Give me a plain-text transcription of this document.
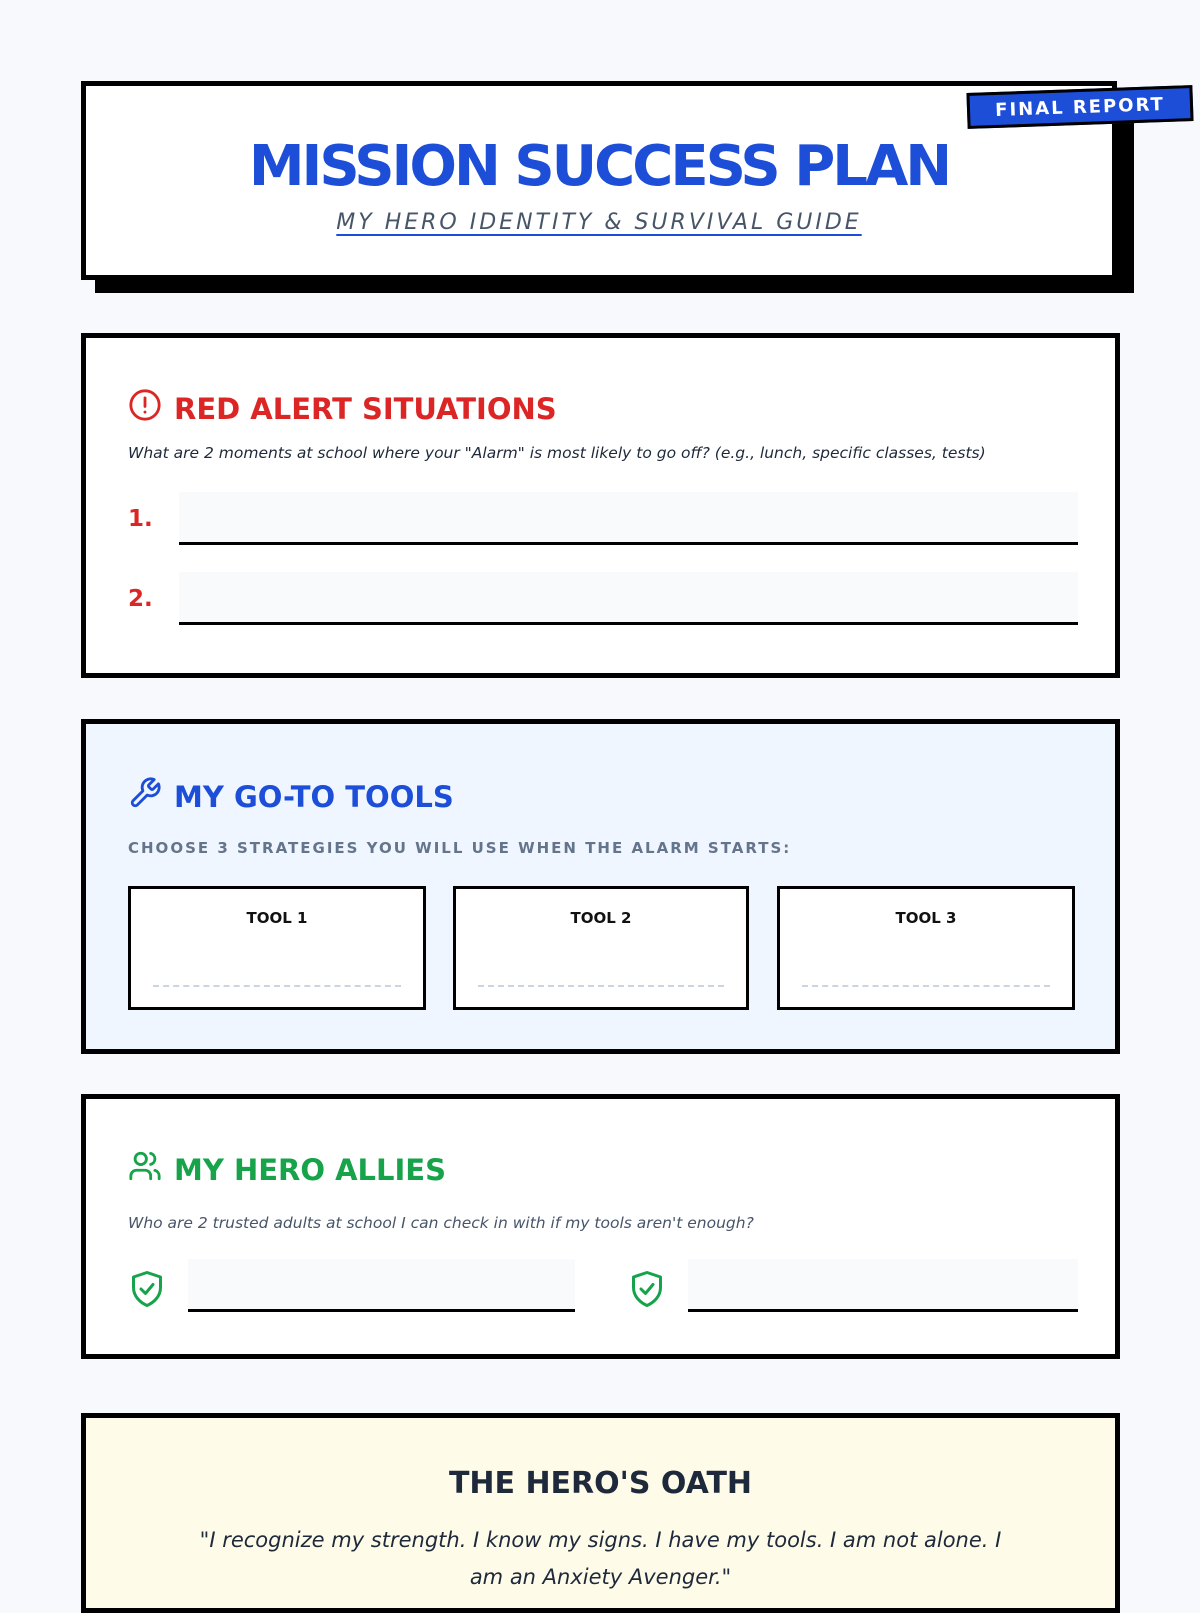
MISSION SUCCESS PLAN
MY HERO IDENTITY & SURVIVAL GUIDE
FINAL REPORT
RED ALERT SITUATIONS
What are 2 moments at school where your "Alarm" is most likely to go off? (e.g., lunch, specific classes, tests)
1.
2.
MY GO-TO TOOLS
CHOOSE 3 STRATEGIES YOU WILL USE WHEN THE ALARM STARTS:
TOOL 1	TOOL 2	TOOL 3
MY HERO ALLIES
Who are 2 trusted adults at school I can check in with if my tools aren't enough?
THE HERO'S OATH
"I recognize my strength. I know my signs. I have my tools. I am not alone. I am an Anxiety Avenger."
